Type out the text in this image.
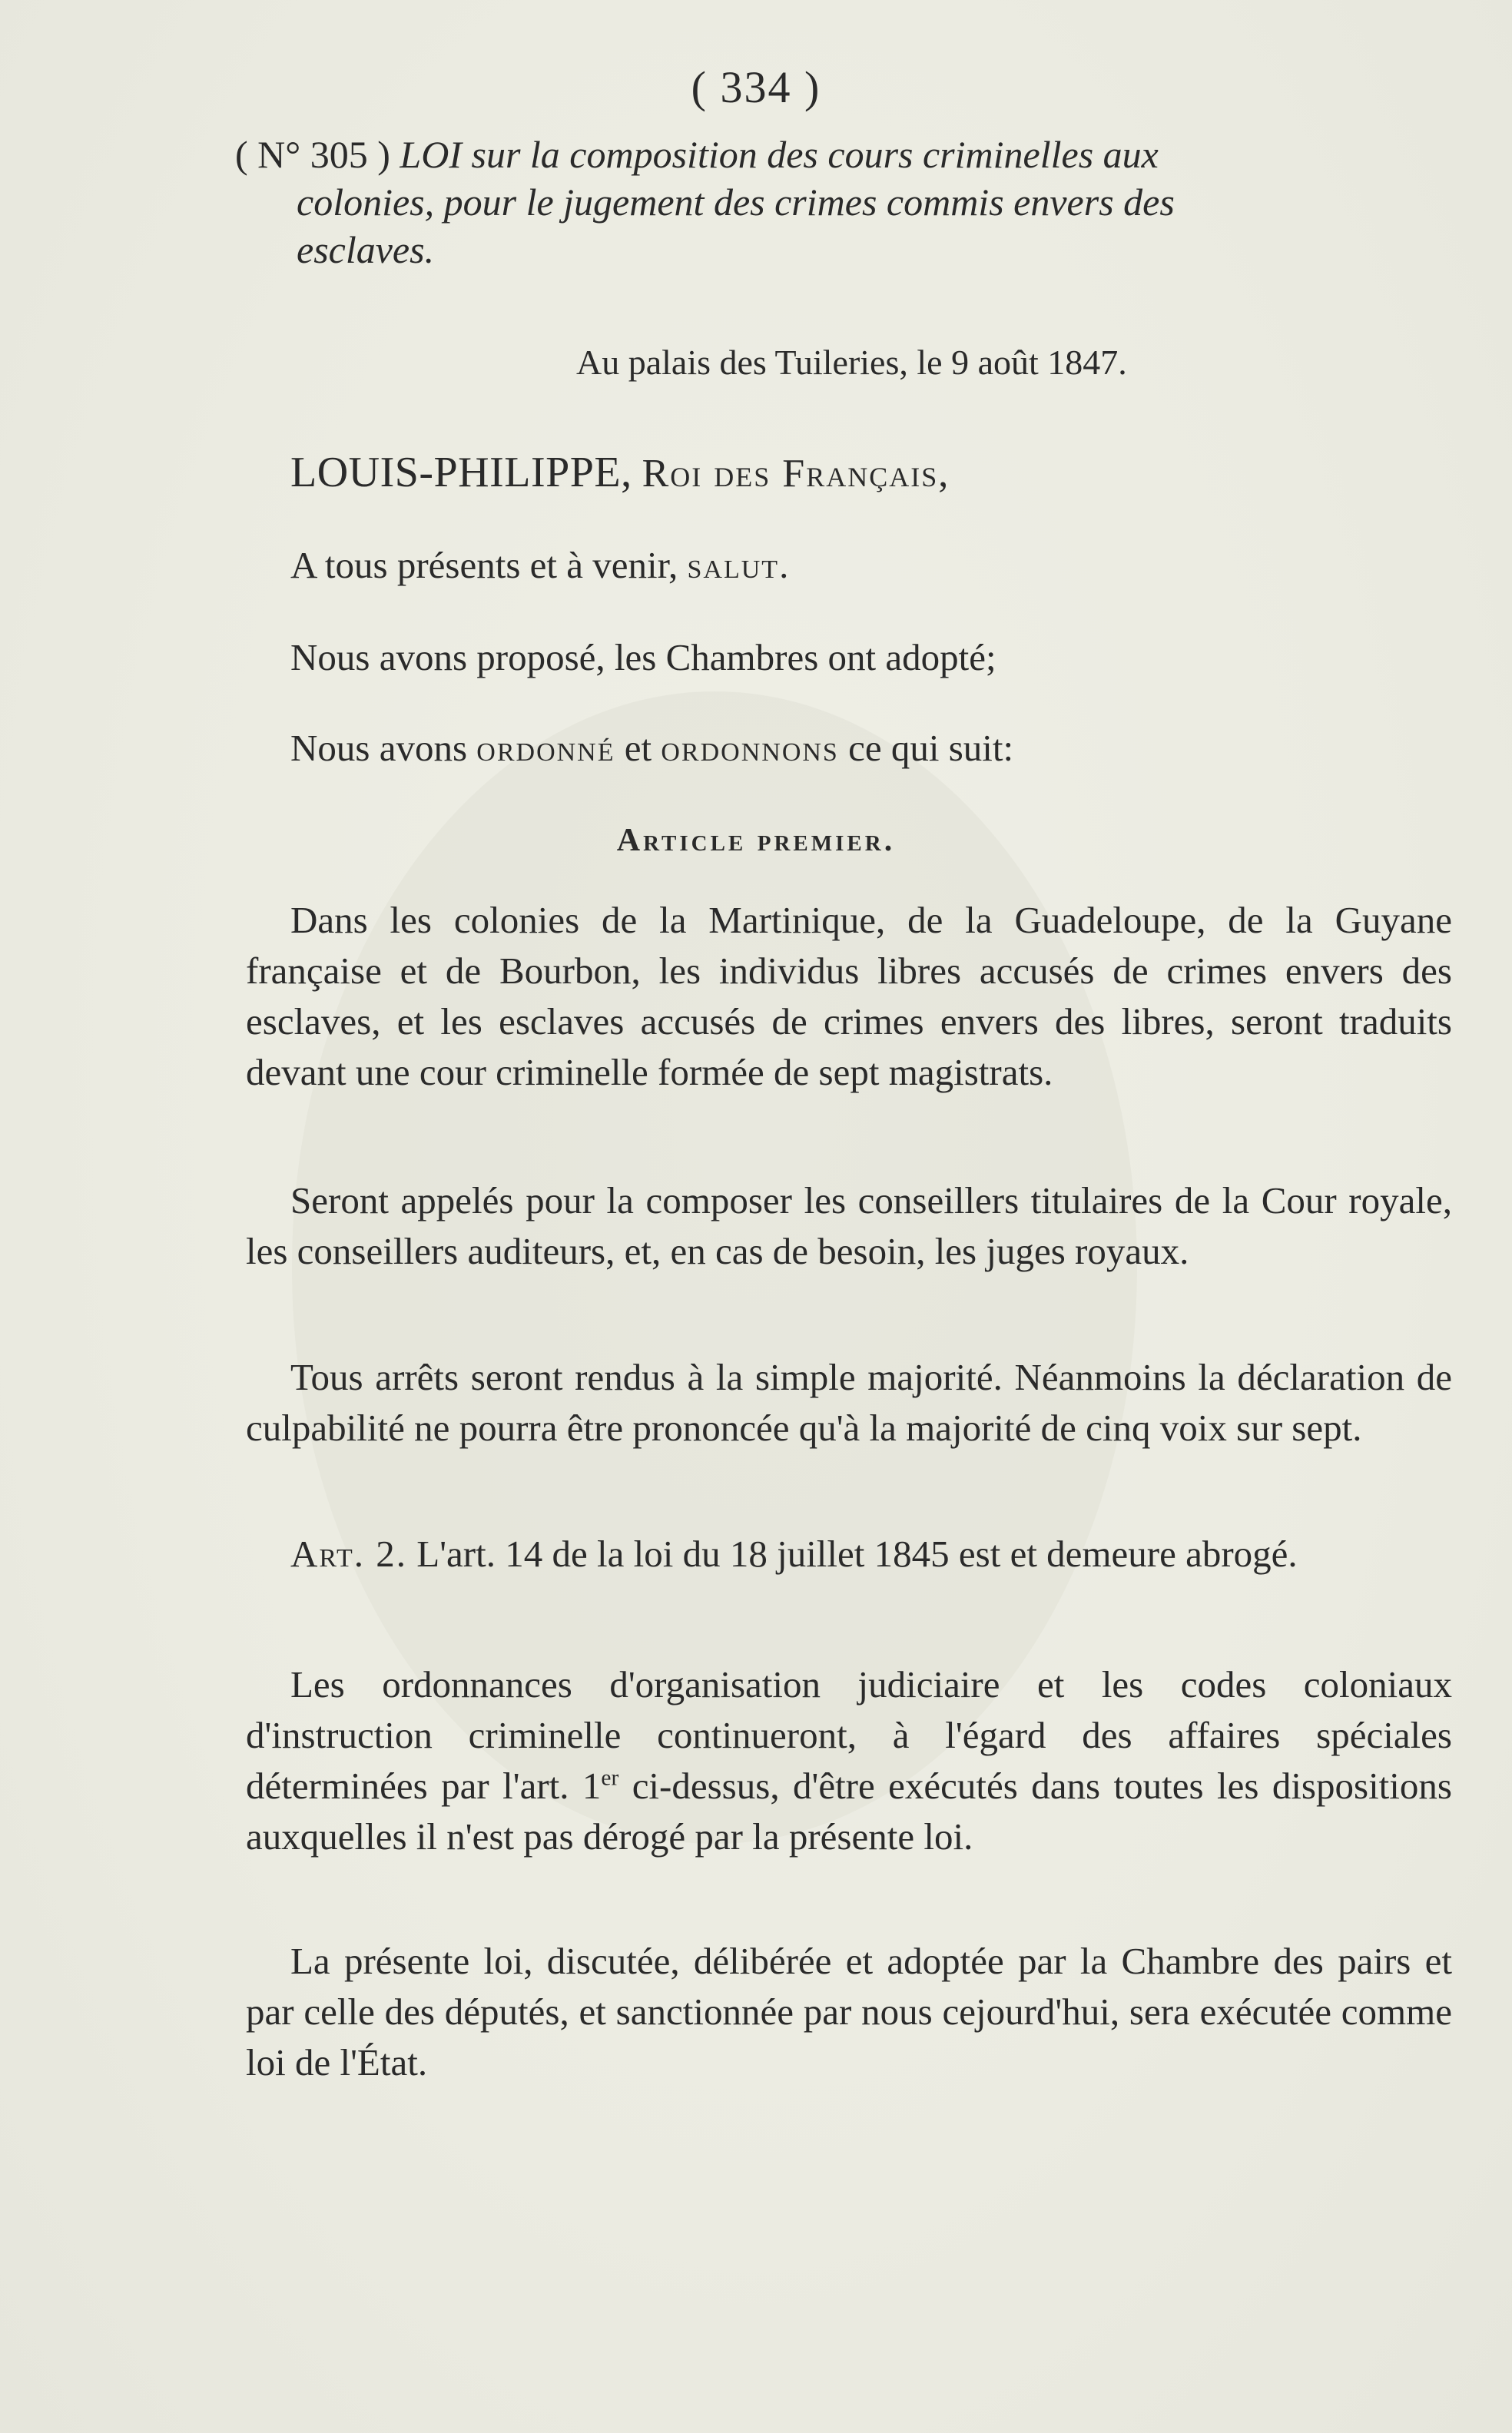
( 334 )
( N° 305 ) LOI sur la composition des cours criminelles aux
colonies, pour le jugement des crimes commis envers des
esclaves.
Au palais des Tuileries, le 9 août 1847.
LOUIS-PHILIPPE, Roi des Français,
A tous présents et à venir, salut.
Nous avons proposé, les Chambres ont adopté;
Nous avons ordonné et ordonnons ce qui suit:
Article premier.
Dans les colonies de la Martinique, de la Guadeloupe, de la Guyane française et de Bourbon, les individus libres accusés de crimes envers des esclaves, et les esclaves accusés de crimes envers des libres, seront traduits devant une cour criminelle formée de sept magistrats.
Seront appelés pour la composer les conseillers titulaires de la Cour royale, les conseillers auditeurs, et, en cas de besoin, les juges royaux.
Tous arrêts seront rendus à la simple majorité. Néanmoins la déclaration de culpabilité ne pourra être prononcée qu'à la majorité de cinq voix sur sept.
Art. 2. L'art. 14 de la loi du 18 juillet 1845 est et demeure abrogé.
Les ordonnances d'organisation judiciaire et les codes coloniaux d'instruction criminelle continueront, à l'égard des affaires spéciales déterminées par l'art. 1er ci-dessus, d'être exécutés dans toutes les dispositions auxquelles il n'est pas dérogé par la présente loi.
La présente loi, discutée, délibérée et adoptée par la Chambre des pairs et par celle des députés, et sanctionnée par nous cejourd'hui, sera exécutée comme loi de l'État.
